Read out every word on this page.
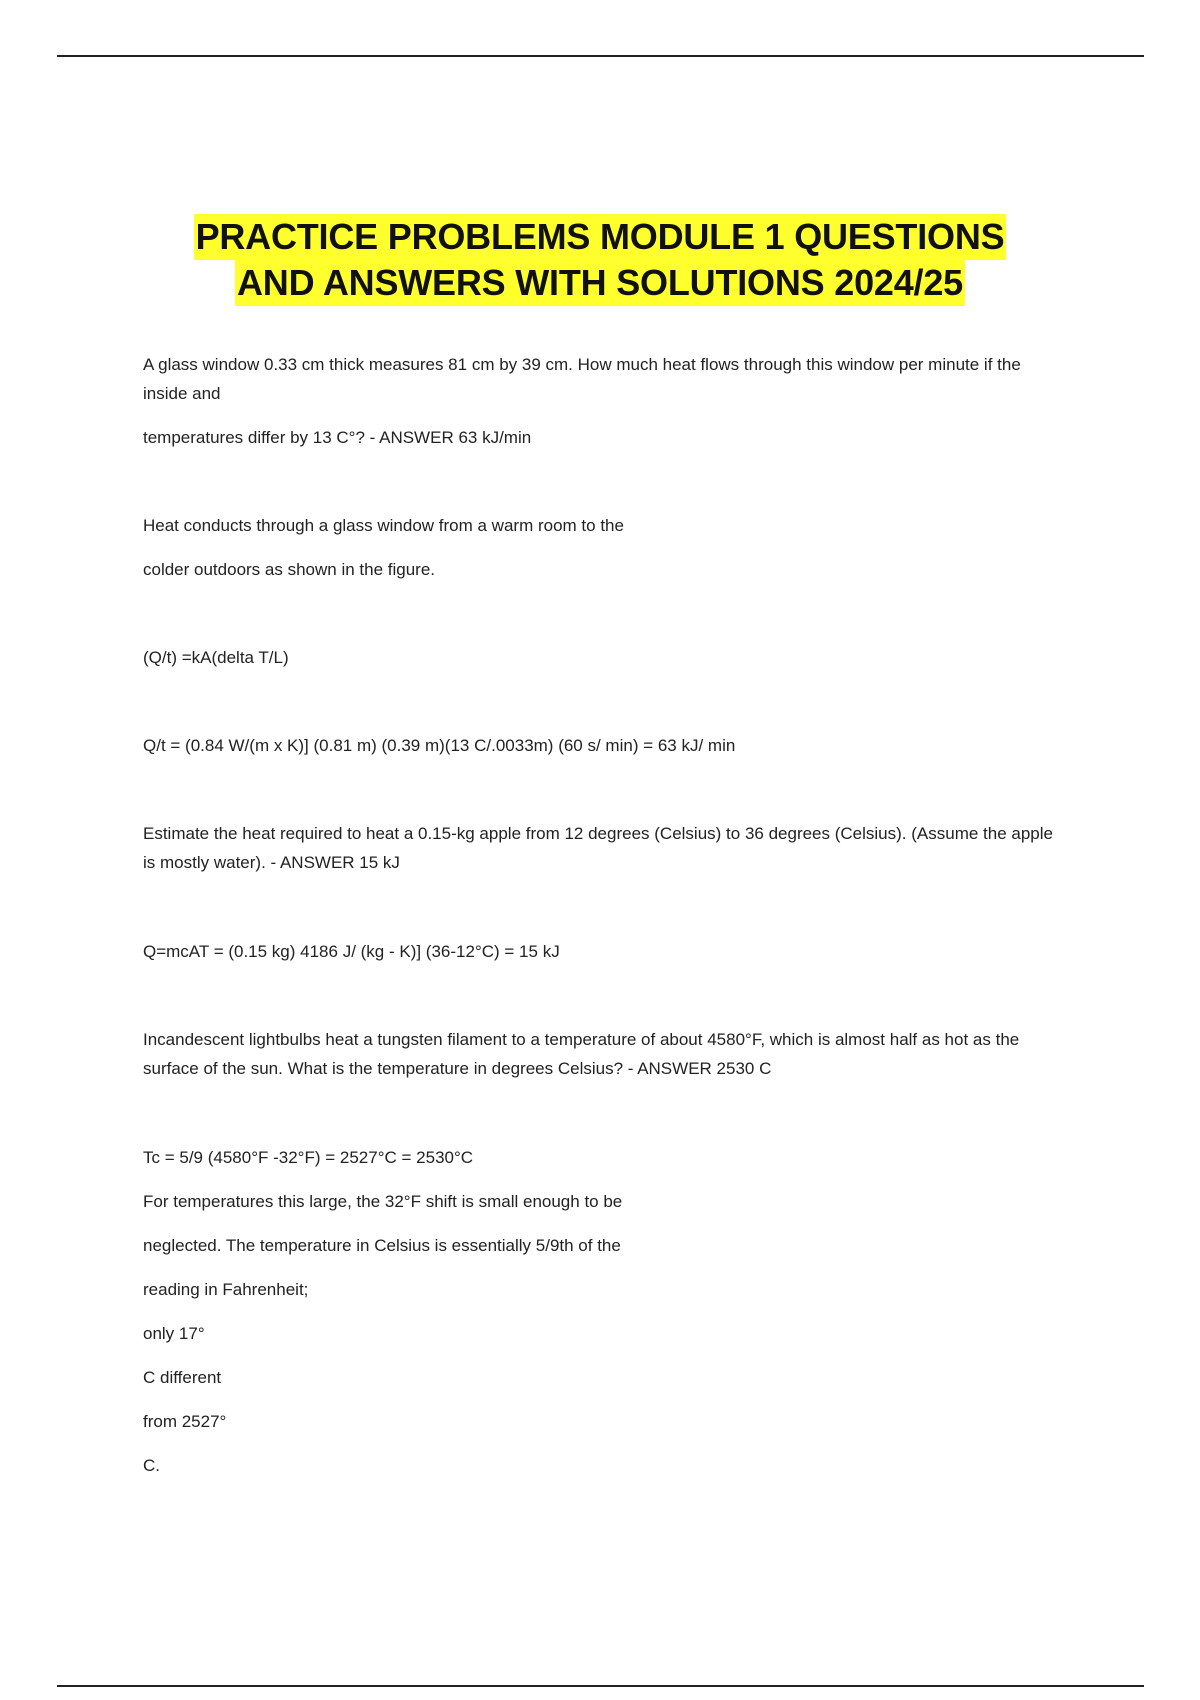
PRACTICE PROBLEMS MODULE 1 QUESTIONS
AND ANSWERS WITH SOLUTIONS 2024/25

A glass window 0.33 cm thick measures 81 cm by 39 cm. How much heat flows through this window per minute if the inside and

temperatures differ by 13 C°? - ANSWER 63 kJ/min

Heat conducts through a glass window from a warm room to the

colder outdoors as shown in the figure.

(Q/t) =kA(delta T/L)

Q/t = (0.84 W/(m x K)] (0.81 m) (0.39 m)(13 C/.0033m) (60 s/ min) = 63 kJ/ min

Estimate the heat required to heat a 0.15-kg apple from 12 degrees (Celsius) to 36 degrees (Celsius). (Assume the apple is mostly water). - ANSWER 15 kJ

Q=mcAT = (0.15 kg) 4186 J/ (kg - K)] (36-12°C) = 15 kJ

Incandescent lightbulbs heat a tungsten filament to a temperature of about 4580°F, which is almost half as hot as the surface of the sun. What is the temperature in degrees Celsius? - ANSWER 2530 C

Tc = 5/9 (4580°F -32°F) = 2527°C = 2530°C

For temperatures this large, the 32°F shift is small enough to be

neglected. The temperature in Celsius is essentially 5/9th of the

reading in Fahrenheit;

only 17°

C different

from 2527°

C.
